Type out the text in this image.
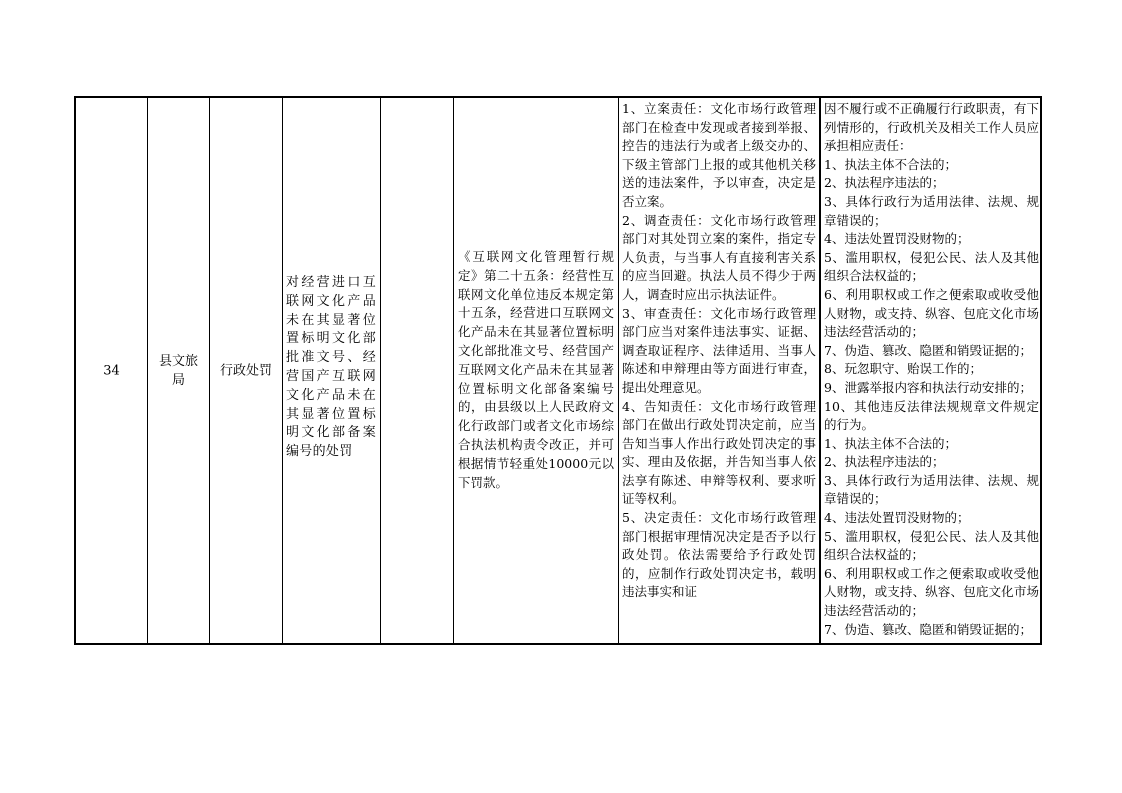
34
县文旅局
行政处罚
对经营进口互联网文化产品未在其显著位置标明文化部批准文号、经营国产互联网文化产品未在其显著位置标明文化部备案编号的处罚
《互联网文化管理暂行规定》第二十五条：经营性互联网文化单位违反本规定第十五条，经营进口互联网文化产品未在其显著位置标明文化部批准文号、经营国产互联网文化产品未在其显著位置标明文化部备案编号的，由县级以上人民政府文化行政部门或者文化市场综合执法机构责令改正，并可根据情节轻重处10000元以下罚款。
1、立案责任：文化市场行政管理部门在检查中发现或者接到举报、控告的违法行为或者上级交办的、下级主管部门上报的或其他机关移送的违法案件，予以审查，决定是否立案。
2、调查责任：文化市场行政管理部门对其处罚立案的案件，指定专人负责，与当事人有直接利害关系的应当回避。执法人员不得少于两人，调查时应出示执法证件。
3、审查责任：文化市场行政管理部门应当对案件违法事实、证据、调查取证程序、法律适用、当事人陈述和申辩理由等方面进行审查，提出处理意见。
4、告知责任：文化市场行政管理部门在做出行政处罚决定前，应当告知当事人作出行政处罚决定的事实、理由及依据，并告知当事人依法享有陈述、申辩等权利、要求听证等权利。
5、决定责任：文化市场行政管理部门根据审理情况决定是否予以行政处罚。依法需要给予行政处罚的，应制作行政处罚决定书，载明违法事实和证
因不履行或不正确履行行政职责，有下列情形的，行政机关及相关工作人员应承担相应责任：
1、执法主体不合法的；
2、执法程序违法的；
3、具体行政行为适用法律、法规、规章错误的；
4、违法处置罚没财物的；
5、滥用职权，侵犯公民、法人及其他组织合法权益的；
6、利用职权或工作之便索取或收受他人财物，或支持、纵容、包庇文化市场违法经营活动的；
7、伪造、篡改、隐匿和销毁证据的；
8、玩忽职守、贻误工作的；
9、泄露举报内容和执法行动安排的；
10、其他违反法律法规规章文件规定的行为。
1、执法主体不合法的；
2、执法程序违法的；
3、具体行政行为适用法律、法规、规章错误的；
4、违法处置罚没财物的；
5、滥用职权，侵犯公民、法人及其他组织合法权益的；
6、利用职权或工作之便索取或收受他人财物，或支持、纵容、包庇文化市场违法经营活动的；
7、伪造、篡改、隐匿和销毁证据的；
